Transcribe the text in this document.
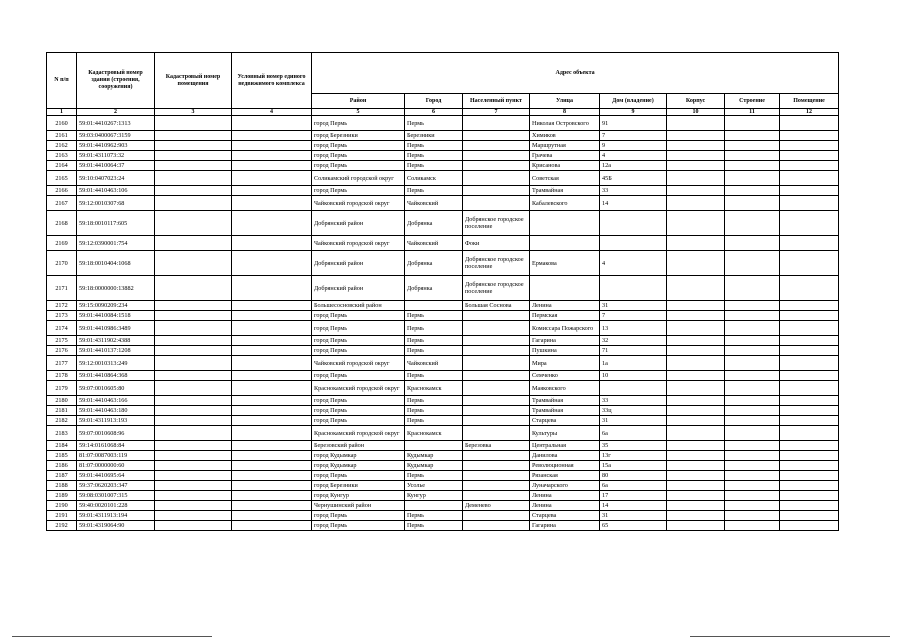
N п/п	Кадастровый номер здания (строения, сооружения)	Кадастровый номер помещения	Условный номер единого недвижимого комплекса	Адрес объекта							
				Район	Город	Населенный пункт	Улица	Дом (владение)	Корпус	Строение	Помещение
1	2	3	4	5	6	7	8	9	10	11	12
2160	59:01:4410267:1313			город Пермь	Пермь		Николая Островского	91			
2161	59:03:0400067:3159			город Березники	Березники		Химиков	7			
2162	59:01:4410962:903			город Пермь	Пермь		Маршрутная	9			
2163	59:01:4311073:32			город Пермь	Пермь		Грачева	4			
2164	59:01:4410064:37			город Пермь	Пермь		Крисанова	12а			
2165	59:10:0407023:24			Соликамский городской округ	Соликамск		Советская	45Б			
2166	59:01:4410463:106			город Пермь	Пермь		Трамвайная	33			
2167	59:12:0010307:68			Чайковский городской округ	Чайковский		Кабалевского	14			
2168	59:18:0010117:605			Добрянский район	Добрянка	Добрянское городское поселение					
2169	59:12:0390001:754			Чайковский городской округ	Чайковский	Фоки					
2170	59:18:0010404:1068			Добрянский район	Добрянка	Добрянское городское поселение	Ермакова	4			
2171	59:18:0000000:13882			Добрянский район	Добрянка	Добрянское городское поселение					
2172	59:15:0090209:234			Большесосновский район		Большая Соснова	Ленина	31			
2173	59:01:4410084:1518			город Пермь	Пермь		Пермская	7			
2174	59:01:4410986:3489			город Пермь	Пермь		Комиссара Пожарского	13			
2175	59:01:4311902:4388			город Пермь	Пермь		Гагарина	32			
2176	59:01:4410137:1208			город Пермь	Пермь		Пушкина	71			
2177	59:12:0010313:249			Чайковский городской округ	Чайковский		Мира	1а			
2178	59:01:4410864:368			город Пермь	Пермь		Семченко	10			
2179	59:07:0010605:80			Краснокамский городской округ	Краснокамск		Маяковского				
2180	59:01:4410463:166			город Пермь	Пермь		Трамвайная	33			
2181	59:01:4410463:180			город Пермь	Пермь		Трамвайная	33ц			
2182	59:01:4311913:193			город Пермь	Пермь		Старцева	31			
2183	59:07:0010608:96			Краснокамский городской округ	Краснокамск		Культуры	6а			
2184	59:14:0161068:84			Березовский район		Березовка	Центральная	35			
2185	81:07:0087003:119			город Кудымкар	Кудымкар		Данилова	13г			
2186	81:07:0000000:60			город Кудымкар	Кудымкар		Революционная	15а			
2187	59:01:4410695:64			город Пермь	Пермь		Рязанская	80			
2188	59:37:0620203:347			город Березники	Усолье		Луначарского	6а			
2189	59:08:0301007:315			город Кунгур	Кунгур		Ленина	17			
2190	59:40:0020101:228			Чернушинский район		Деменево	Ленина	14			
2191	59:01:4311913:194			город Пермь	Пермь		Старцева	31			
2192	59:01:4319064:90			город Пермь	Пермь		Гагарина	65			
